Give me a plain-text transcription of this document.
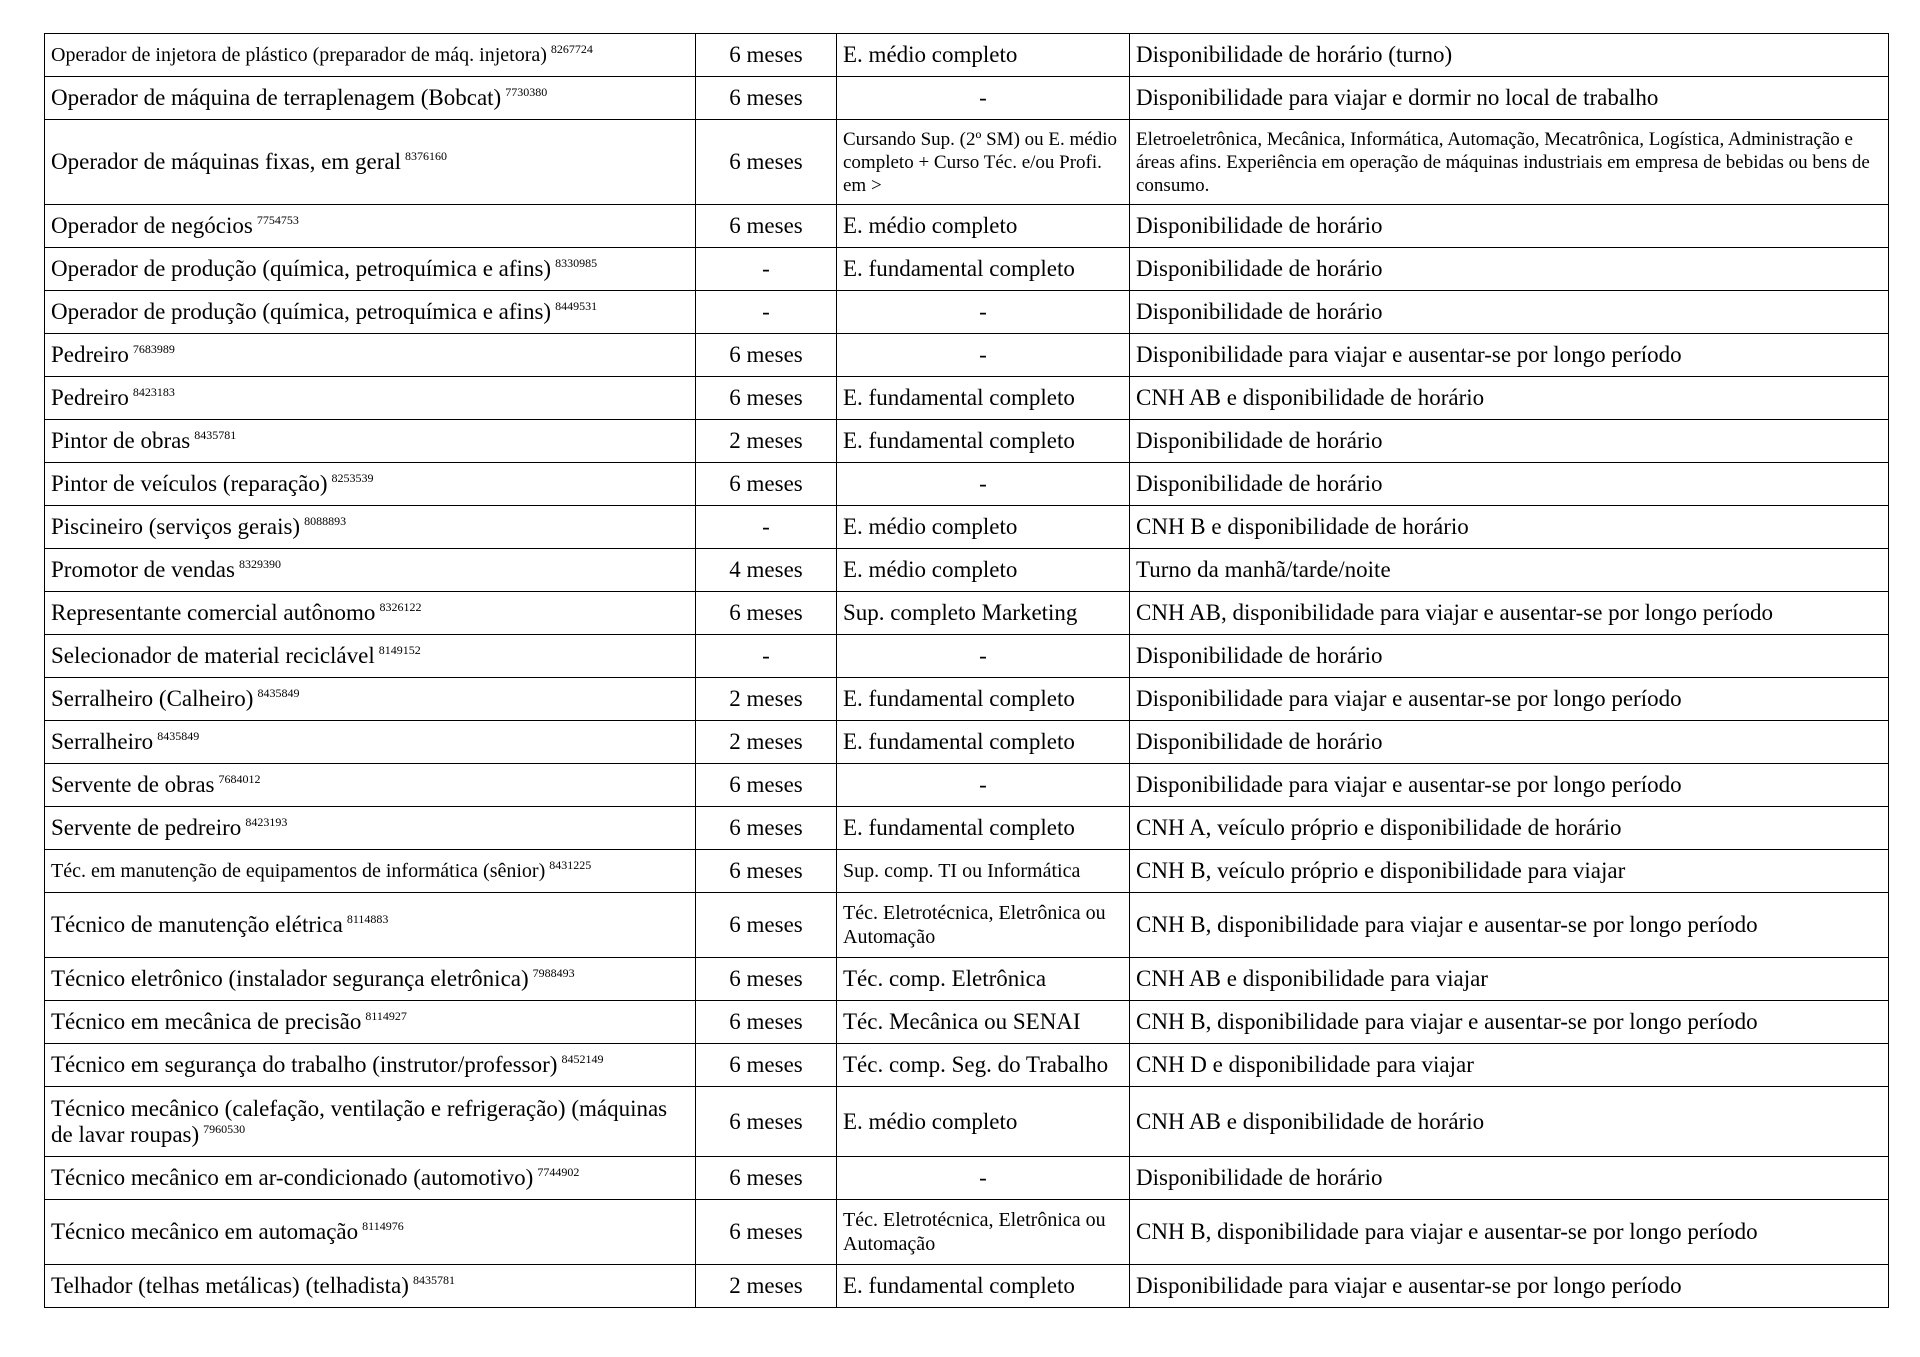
Operador de injetora de plástico (preparador de máq. injetora) $^{8267724}$	6 meses	E. médio completo	Disponibilidade de horário (turno)
Operador de máquina de terraplenagem (Bobcat) $^{7730380}$	6 meses	-	Disponibilidade para viajar e dormir no local de trabalho
Operador de máquinas fixas, em geral $^{8376160}$	6 meses	Cursando Sup. (2º SM) ou E. médio completo + Curso Téc. e/ou Profi. em >	Eletroeletrônica, Mecânica, Informática, Automação, Mecatrônica, Logística, Administração e áreas afins. Experiência em operação de máquinas industriais em empresa de bebidas ou bens de consumo.
Operador de negócios $^{7754753}$	6 meses	E. médio completo	Disponibilidade de horário
Operador de produção (química, petroquímica e afins) $^{8330985}$	-	E. fundamental completo	Disponibilidade de horário
Operador de produção (química, petroquímica e afins) $^{8449531}$	-	-	Disponibilidade de horário
Pedreiro $^{7683989}$	6 meses	-	Disponibilidade para viajar e ausentar-se por longo período
Pedreiro $^{8423183}$	6 meses	E. fundamental completo	CNH AB e disponibilidade de horário
Pintor de obras $^{8435781}$	2 meses	E. fundamental completo	Disponibilidade de horário
Pintor de veículos (reparação) $^{8253539}$	6 meses	-	Disponibilidade de horário
Piscineiro (serviços gerais) $^{8088893}$	-	E. médio completo	CNH B e disponibilidade de horário
Promotor de vendas $^{8329390}$	4 meses	E. médio completo	Turno da manhã/tarde/noite
Representante comercial autônomo $^{8326122}$	6 meses	Sup. completo Marketing	CNH AB, disponibilidade para viajar e ausentar-se por longo período
Selecionador de material reciclável $^{8149152}$	-	-	Disponibilidade de horário
Serralheiro (Calheiro) $^{8435849}$	2 meses	E. fundamental completo	Disponibilidade para viajar e ausentar-se por longo período
Serralheiro $^{8435849}$	2 meses	E. fundamental completo	Disponibilidade de horário
Servente de obras $^{7684012}$	6 meses	-	Disponibilidade para viajar e ausentar-se por longo período
Servente de pedreiro $^{8423193}$	6 meses	E. fundamental completo	CNH A, veículo próprio e disponibilidade de horário
Téc. em manutenção de equipamentos de informática (sênior) $^{8431225}$	6 meses	Sup. comp. TI ou Informática	CNH B, veículo próprio e disponibilidade para viajar
Técnico de manutenção elétrica $^{8114883}$	6 meses	Téc. Eletrotécnica, Eletrônica ou Automação	CNH B, disponibilidade para viajar e ausentar-se por longo período
Técnico eletrônico (instalador segurança eletrônica) $^{7988493}$	6 meses	Téc. comp. Eletrônica	CNH AB e disponibilidade para viajar
Técnico em mecânica de precisão $^{8114927}$	6 meses	Téc. Mecânica ou SENAI	CNH B, disponibilidade para viajar e ausentar-se por longo período
Técnico em segurança do trabalho (instrutor/professor) $^{8452149}$	6 meses	Téc. comp. Seg. do Trabalho	CNH D e disponibilidade para viajar
Técnico mecânico (calefação, ventilação e refrigeração) (máquinas de lavar roupas) $^{7960530}$	6 meses	E. médio completo	CNH AB e disponibilidade de horário
Técnico mecânico em ar-condicionado (automotivo) $^{7744902}$	6 meses	-	Disponibilidade de horário
Técnico mecânico em automação $^{8114976}$	6 meses	Téc. Eletrotécnica, Eletrônica ou Automação	CNH B, disponibilidade para viajar e ausentar-se por longo período
Telhador (telhas metálicas) (telhadista) $^{8435781}$	2 meses	E. fundamental completo	Disponibilidade para viajar e ausentar-se por longo período
